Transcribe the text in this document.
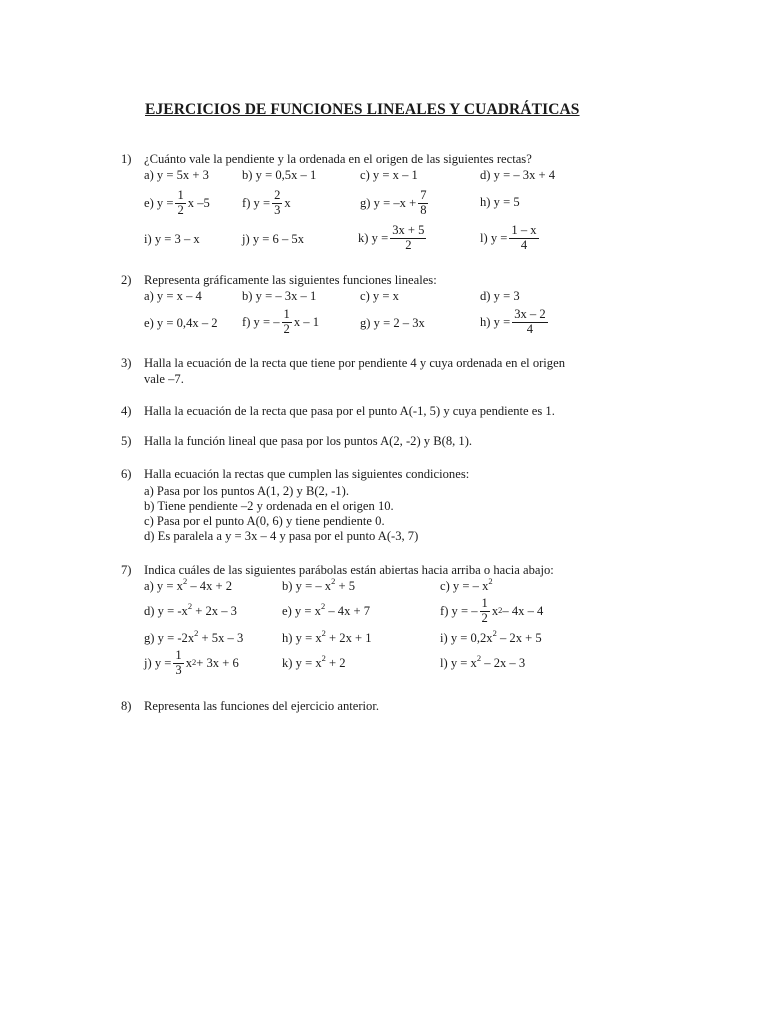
EJERCICIOS DE FUNCIONES LINEALES Y CUADRÁTICAS
1) ¿Cuánto vale la pendiente y la ordenada en el origen de las siguientes rectas?
a) y = 5x + 3	b) y = 0,5x – 1	c) y = x – 1	d) y = – 3x + 4
e) $y = \frac{1}{2}$ x –5	f) $y = \frac{2}{3}$ x	g) $y = -x + \frac{7}{8}$	h) y = 5
i) y = 3 – x	j) y = 6 – 5x	k) $y = \frac{3x + 5}{2}$	l) $y = \frac{1 - x}{4}$
2) Representa gráficamente las siguientes funciones lineales:
a) y = x – 4	b) y = – 3x – 1	c) y = x	d) y = 3
e) y = 0,4x – 2 f) y = – $\frac{1}{2}$ x – 1	g) y = 2 – 3x	h) $y = \frac{3x - 2}{4}$
3) Halla la ecuación de la recta que tiene por pendiente 4 y cuya ordenada en el origen
vale –7.
4) Halla la ecuación de la recta que pasa por el punto A(-1, 5) y cuya pendiente es 1.
5) Halla la función lineal que pasa por los puntos A(2, -2) y B(8, 1).
6) Halla ecuación la rectas que cumplen las siguientes condiciones:
a) Pasa por los puntos A(1, 2) y B(2, -1).
b) Tiene pendiente –2 y ordenada en el origen 10.
c) Pasa por el punto A(0, 6) y tiene pendiente 0.
d) Es paralela a y = 3x – 4 y pasa por el punto A(-3, 7)
7) Indica cuáles de las siguientes parábolas están abiertas hacia arriba o hacia abajo:
a) $y = x^2 - 4x + 2$	b) y = – $x^2 + 5$	c) y = – $x^2$
d) $y = -x^2 + 2x - 3$	e) $y = x^2 - 4x + 7$	f) y = – $\frac{1}{2} x^2 - 4x - 4$
g) $y = -2x^2 + 5x - 3$	h) $y = x^2 + 2x + 1$	i) $y = 0,2x^2 - 2x + 5$
j) $y = \frac{1}{3} x^2 + 3x + 6$	k) $y = x^2 + 2$	l) $y = x^2 - 2x - 3$
8) Representa las funciones del ejercicio anterior.
